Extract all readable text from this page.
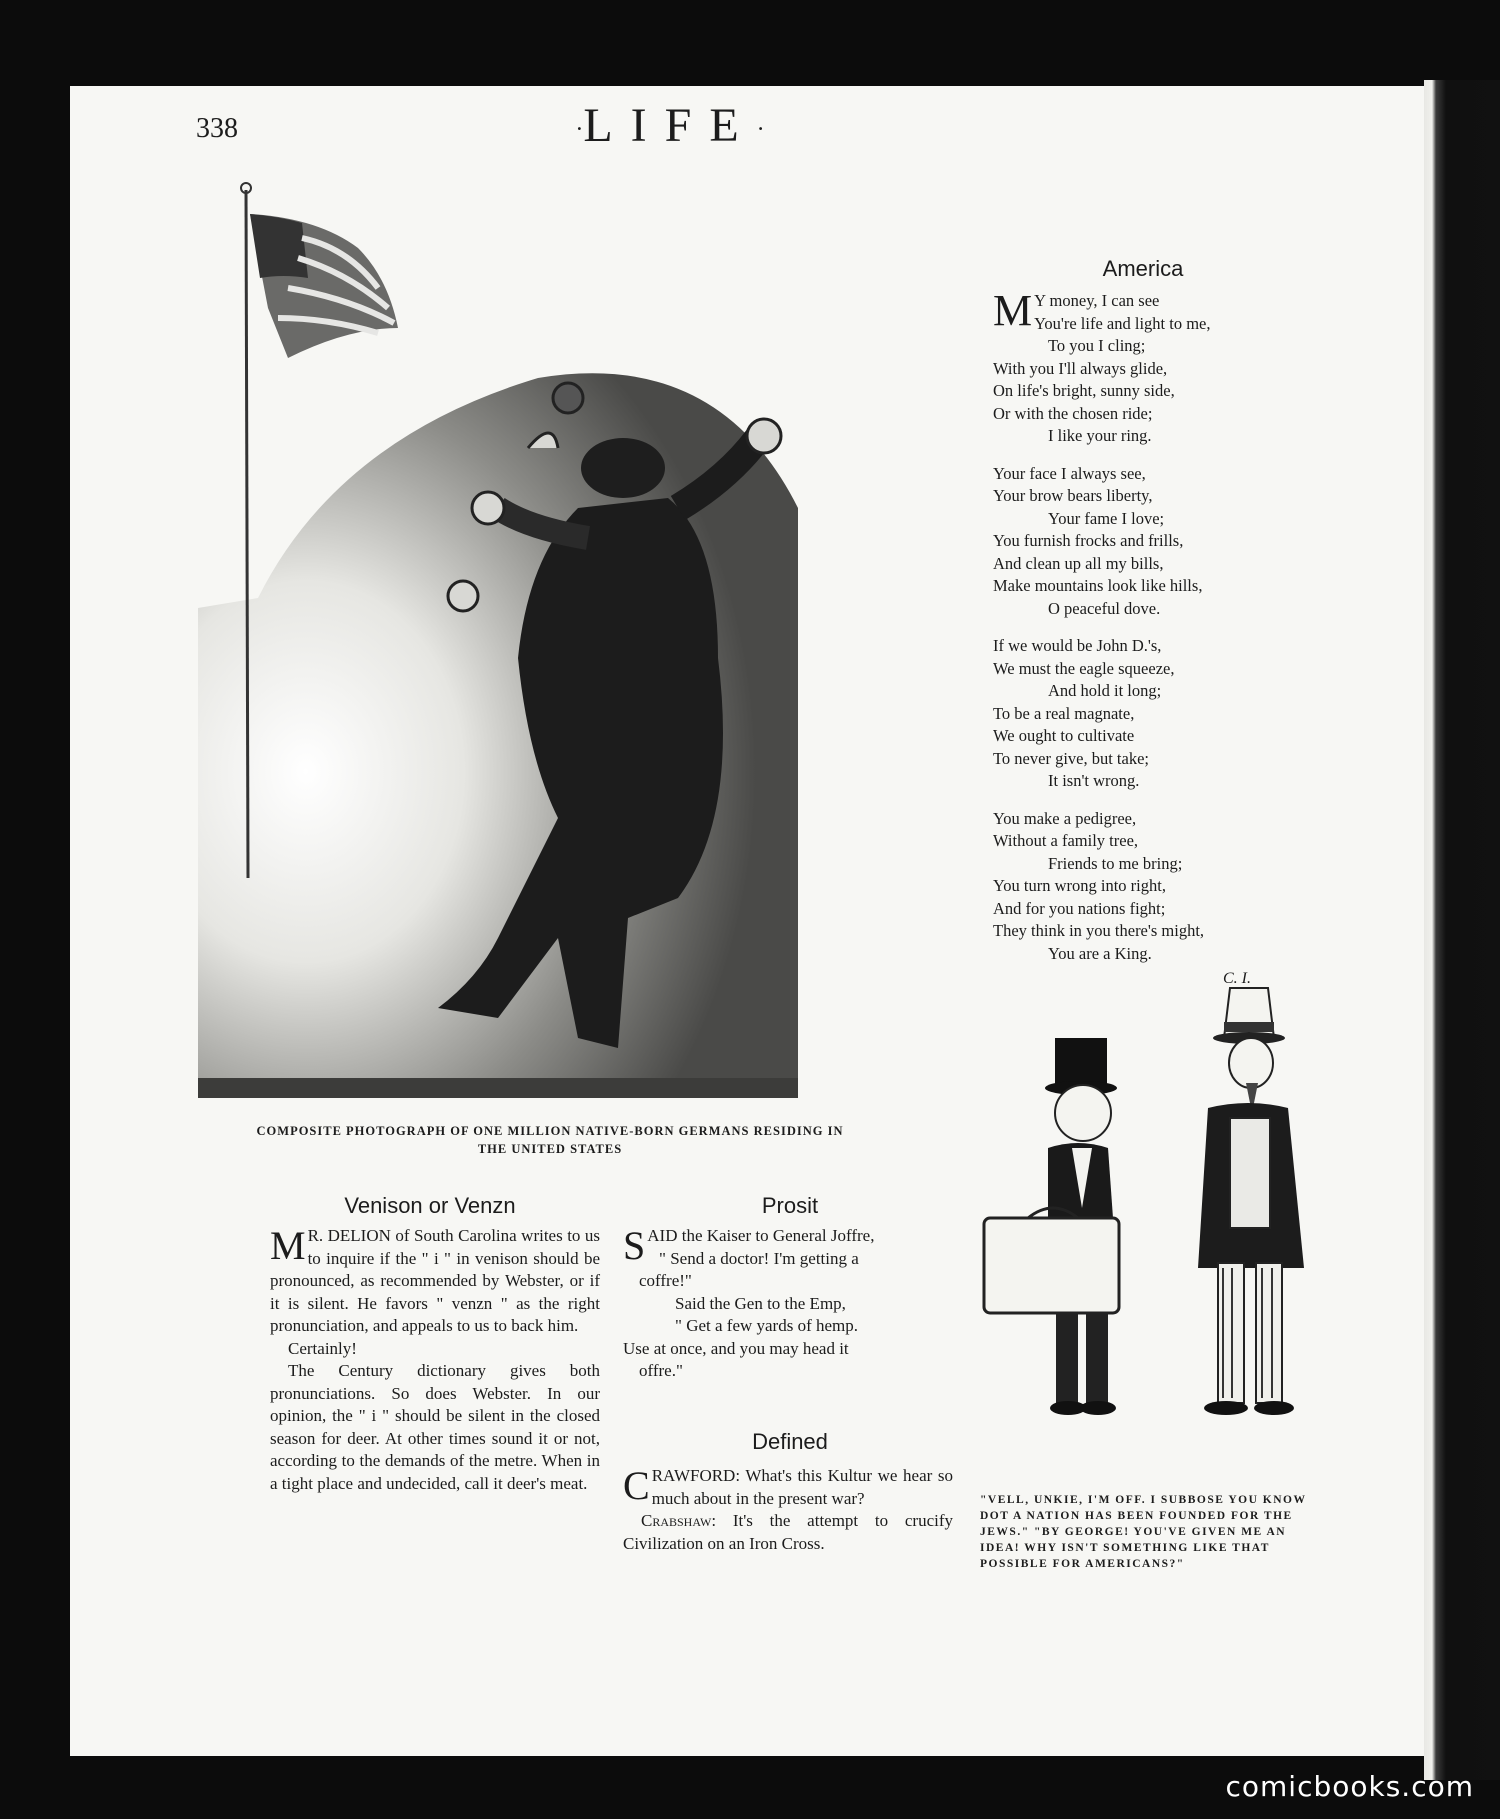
338	·LIFE·
COMPOSITE PHOTOGRAPH OF ONE MILLION NATIVE-BORN GERMANS RESIDING IN
THE UNITED STATES
America
M Y money, I can see
You're life and light to me,
To you I cling;
With you I'll always glide,
On life's bright, sunny side,
Or with the chosen ride;
I like your ring.
Your face I always see,
Your brow bears liberty,
Your fame I love;
You furnish frocks and frills,
And clean up all my bills,
Make mountains look like hills,
O peaceful dove.
If we would be John D.'s,
We must the eagle squeeze,
And hold it long;
To be a real magnate,
We ought to cultivate
To never give, but take;
It isn't wrong.
You make a pedigree,
Without a family tree,
Friends to me bring;
You turn wrong into right,
And for you nations fight;
They think in you there's might,
You are a King.
C. I.
"VELL, UNKIE, I'M OFF. I SUBBOSE YOU KNOW DOT A NATION HAS BEEN FOUNDED FOR THE JEWS." "BY GEORGE! YOU'VE GIVEN ME AN IDEA! WHY ISN'T SOMETHING LIKE THAT POSSIBLE FOR AMERICANS?"
Venison or Venzn

M R. DELION of South Carolina writes to us to inquire if the " i " in venison should be pronounced, as recommended by Webster, or if it is silent. He favors " venzn " as the right pronunciation, and appeals to us to back him.

Certainly!

The Century dictionary gives both pronunciations. So does Webster. In our opinion, the " i " should be silent in the closed season for deer. At other times sound it or not, according to the demands of the metre. When in a tight place and undecided, call it deer's meat.

Prosit
SAID the Kaiser to General Joffre,
" Send a doctor! I'm getting a
coffre!"
Said the Gen to the Emp,
" Get a few yards of hemp.
Use at once, and you may head it
offre."
Defined

CRAWFORD: What's this Kultur we hear so much about in the present war?

Crabshaw: It's the attempt to crucify Civilization on an Iron Cross.

comicbooks.com
